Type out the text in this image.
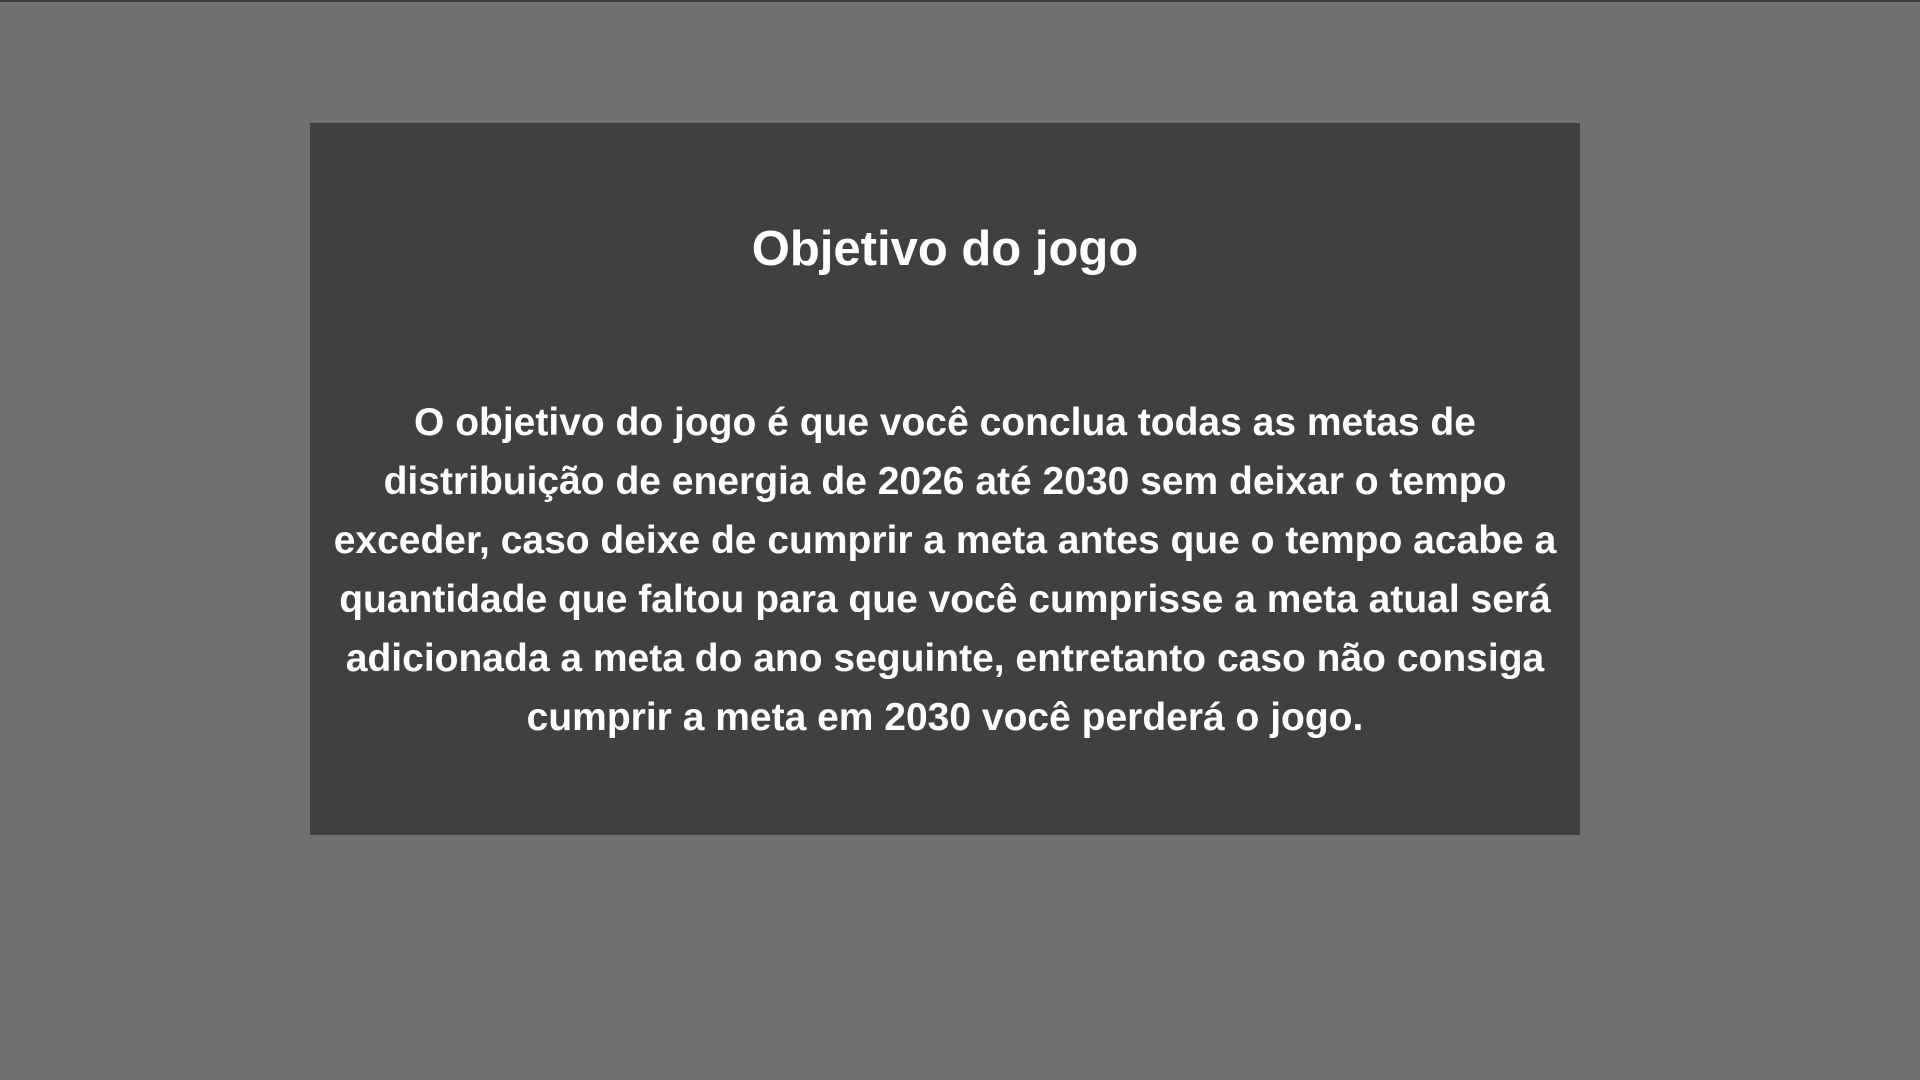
Objetivo do jogo

O objetivo do jogo é que você conclua todas as metas de distribuição de energia de 2026 até 2030 sem deixar o tempo exceder, caso deixe de cumprir a meta antes que o tempo acabe a quantidade que faltou para que você cumprisse a meta atual será adicionada a meta do ano seguinte, entretanto caso não consiga cumprir a meta em 2030 você perderá o jogo.
